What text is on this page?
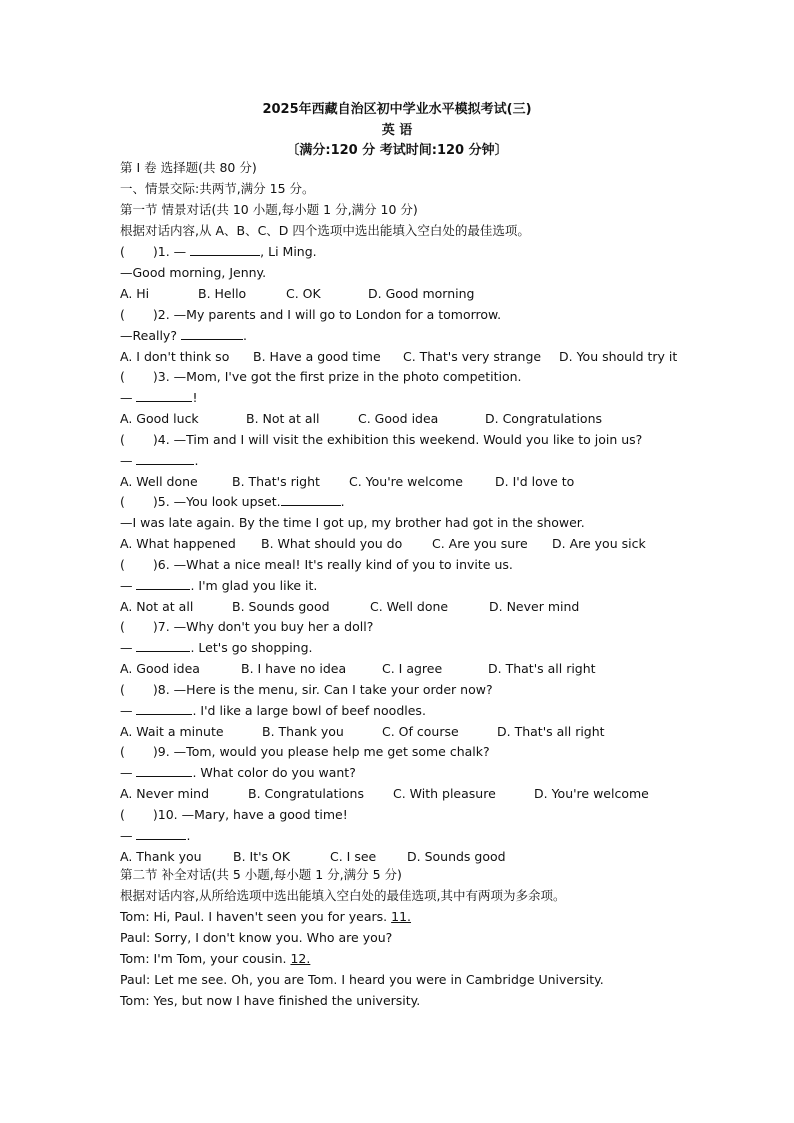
2025年西藏自治区初中学业水平模拟考试(三)
英 语
〔满分:120 分 考试时间:120 分钟〕
第 I 卷 选择题(共 80 分)
一、情景交际:共两节,满分 15 分。
第一节 情景对话(共 10 小题,每小题 1 分,满分 10 分)
根据对话内容,从 A、B、C、D 四个选项中选出能填入空白处的最佳选项。
( )1. —	, Li Ming.
—Good morning, Jenny.
A. Hi	B. Hello	C. OK	D. Good morning
( )2. —My parents and I will go to London for a tomorrow.
—Really?	.
A. I don't think so B. Have a good time C. That's very strange D. You should try it
( )3. —Mom, I've got the first prize in the photo competition.
—	!
A. Good luck	B. Not at all	C. Good idea	D. Congratulations
( )4. —Tim and I will visit the exhibition this weekend. Would you like to join us?
—	.
A. Well done	B. That's right C. You're welcome	D. I'd love to
( )5. —You look upset.	.
—I was late again. By the time I got up, my brother had got in the shower.
A. What happened B. What should you do C. Are you sure D. Are you sick
( )6. —What a nice meal! It's really kind of you to invite us.
—	. I'm glad you like it.
A. Not at all	B. Sounds good	C. Well done	D. Never mind
( )7. —Why don't you buy her a doll?
—	. Let's go shopping.
A. Good idea	B. I have no idea	C. I agree	D. That's all right
( )8. —Here is the menu, sir. Can I take your order now?
—	. I'd like a large bowl of beef noodles.
A. Wait a minute	B. Thank you	C. Of course	D. That's all right
( )9. —Tom, would you please help me get some chalk?
—	. What color do you want?
A. Never mind	B. Congratulations C. With pleasure	D. You're welcome
( )10. —Mary, have a good time!
—	.
A. Thank you	B. It's OK	C. I see D. Sounds good
第二节 补全对话(共 5 小题,每小题 1 分,满分 5 分)
根据对话内容,从所给选项中选出能填入空白处的最佳选项,其中有两项为多余项。
Tom: Hi, Paul. I haven't seen you for years. 11.
Paul: Sorry, I don't know you. Who are you?
Tom: I'm Tom, your cousin. 12.
Paul: Let me see. Oh, you are Tom. I heard you were in Cambridge University.
Tom: Yes, but now I have finished the university.
